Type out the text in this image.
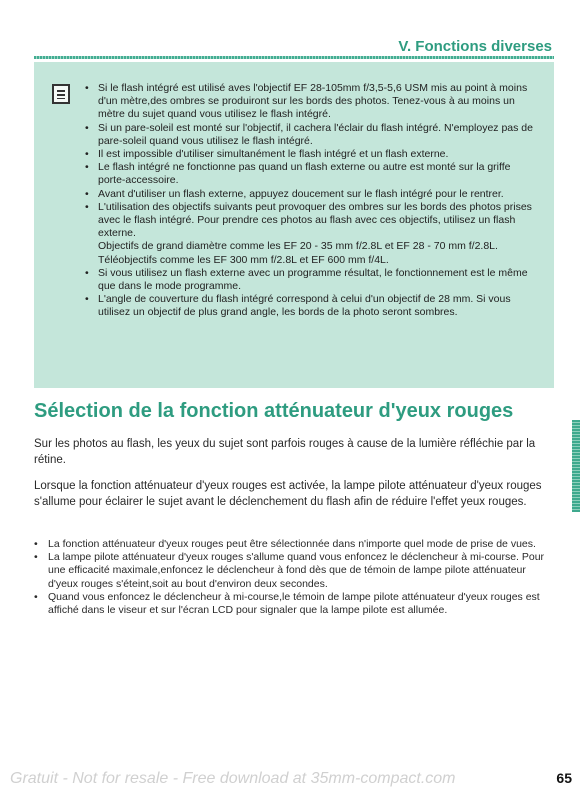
V. Fonctions diverses
• Si le flash intégré est utilisé aves l'objectif EF 28-105mm f/3,5-5,6 USM mis au point à moins d'un mètre,des ombres se produiront sur les bords des photos. Tenez-vous à au moins un mètre du sujet quand vous utilisez le flash intégré.
• Si un pare-soleil est monté sur l'objectif, il cachera l'éclair du flash intégré. N'employez pas de pare-soleil quand vous utilisez le flash intégré.
• Il est impossible d'utiliser simultanément le flash intégré et un flash externe.
• Le flash intégré ne fonctionne pas quand un flash externe ou autre est monté sur la griffe porte-accessoire.
• Avant d'utiliser un flash externe, appuyez doucement sur le flash intégré pour le rentrer.
• L'utilisation des objectifs suivants peut provoquer des ombres sur les bords des photos prises avec le flash intégré. Pour prendre ces photos au flash avec ces objectifs, utilisez un flash externe.
Objectifs de grand diamètre comme les EF 20 - 35 mm f/2.8L et EF 28 - 70 mm f/2.8L.
Téléobjectifs comme les EF 300 mm f/2.8L et EF 600 mm f/4L.
• Si vous utilisez un flash externe avec un programme résultat, le fonctionnement est le même que dans le mode programme.
• L'angle de couverture du flash intégré correspond à celui d'un objectif de 28 mm. Si vous utilisez un objectif de plus grand angle, les bords de la photo seront sombres.
Sélection de la fonction atténuateur d'yeux rouges

Sur les photos au flash, les yeux du sujet sont parfois rouges à cause de la lumière réfléchie par la rétine.

Lorsque la fonction atténuateur d'yeux rouges est activée, la lampe pilote atténuateur d'yeux rouges s'allume pour éclairer le sujet avant le déclenchement du flash afin de réduire l'effet yeux rouges.

• La fonction atténuateur d'yeux rouges peut être sélectionnée dans n'importe quel mode de prise de vues.
• La lampe pilote atténuateur d'yeux rouges s'allume quand vous enfoncez le déclencheur à mi-course. Pour une efficacité maximale,enfoncez le déclencheur à fond dès que de témoin de lampe pilote atténuateur d'yeux rouges s'éteint,soit au bout d'environ deux secondes.
• Quand vous enfoncez le déclencheur à mi-course,le témoin de lampe pilote atténuateur d'yeux rouges est affiché dans le viseur et sur l'écran LCD pour signaler que la lampe pilote est allumée.

Gratuit - Not for resale - Free download at 35mm-compact.com	65
